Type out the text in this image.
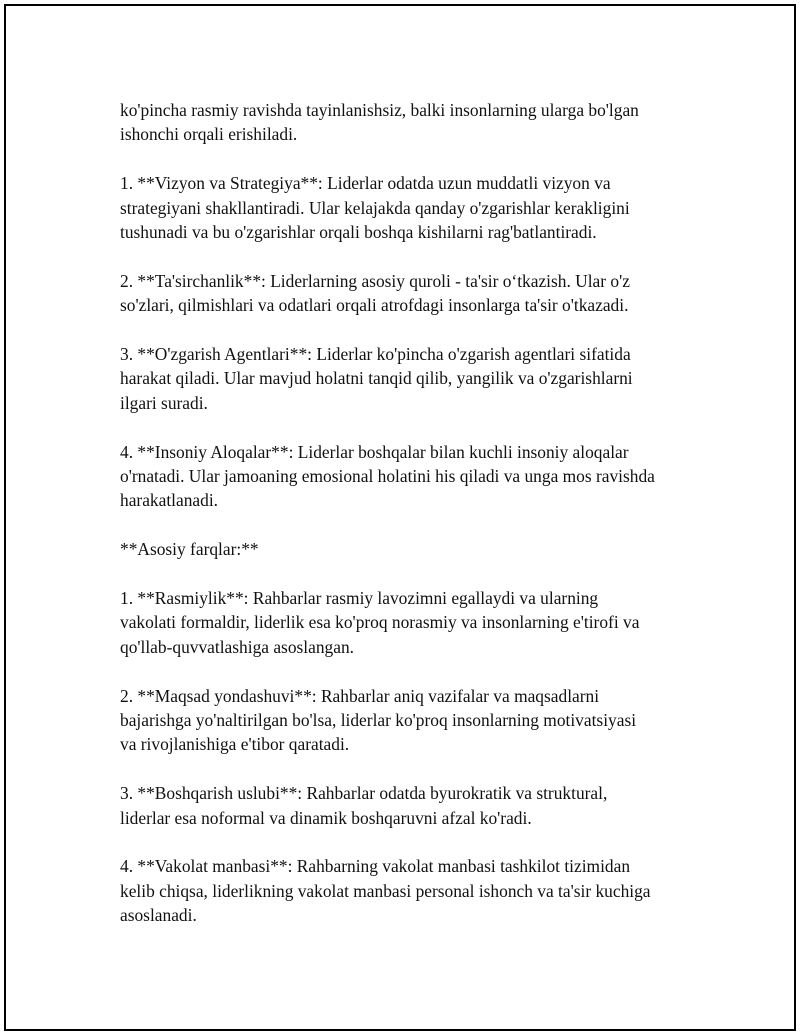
ko'pincha rasmiy ravishda tayinlanishsiz, balki insonlarning ularga bo'lgan
ishonchi orqali erishiladi.

1. **Vizyon va Strategiya**: Liderlar odatda uzun muddatli vizyon va
strategiyani shakllantiradi. Ular kelajakda qanday o'zgarishlar kerakligini
tushunadi va bu o'zgarishlar orqali boshqa kishilarni rag'batlantiradi.

2. **Ta'sirchanlik**: Liderlarning asosiy quroli - ta'sir o‘tkazish. Ular o'z
so'zlari, qilmishlari va odatlari orqali atrofdagi insonlarga ta'sir o'tkazadi.

3. **O'zgarish Agentlari**: Liderlar ko'pincha o'zgarish agentlari sifatida
harakat qiladi. Ular mavjud holatni tanqid qilib, yangilik va o'zgarishlarni
ilgari suradi.

4. **Insoniy Aloqalar**: Liderlar boshqalar bilan kuchli insoniy aloqalar
o'rnatadi. Ular jamoaning emosional holatini his qiladi va unga mos ravishda
harakatlanadi.

**Asosiy farqlar:**

1. **Rasmiylik**: Rahbarlar rasmiy lavozimni egallaydi va ularning
vakolati formaldir, liderlik esa ko'proq norasmiy va insonlarning e'tirofi va
qo'llab-quvvatlashiga asoslangan.

2. **Maqsad yondashuvi**: Rahbarlar aniq vazifalar va maqsadlarni
bajarishga yo'naltirilgan bo'lsa, liderlar ko'proq insonlarning motivatsiyasi
va rivojlanishiga e'tibor qaratadi.

3. **Boshqarish uslubi**: Rahbarlar odatda byurokratik va struktural,
liderlar esa noformal va dinamik boshqaruvni afzal ko'radi.

4. **Vakolat manbasi**: Rahbarning vakolat manbasi tashkilot tizimidan
kelib chiqsa, liderlikning vakolat manbasi personal ishonch va ta'sir kuchiga
asoslanadi.
